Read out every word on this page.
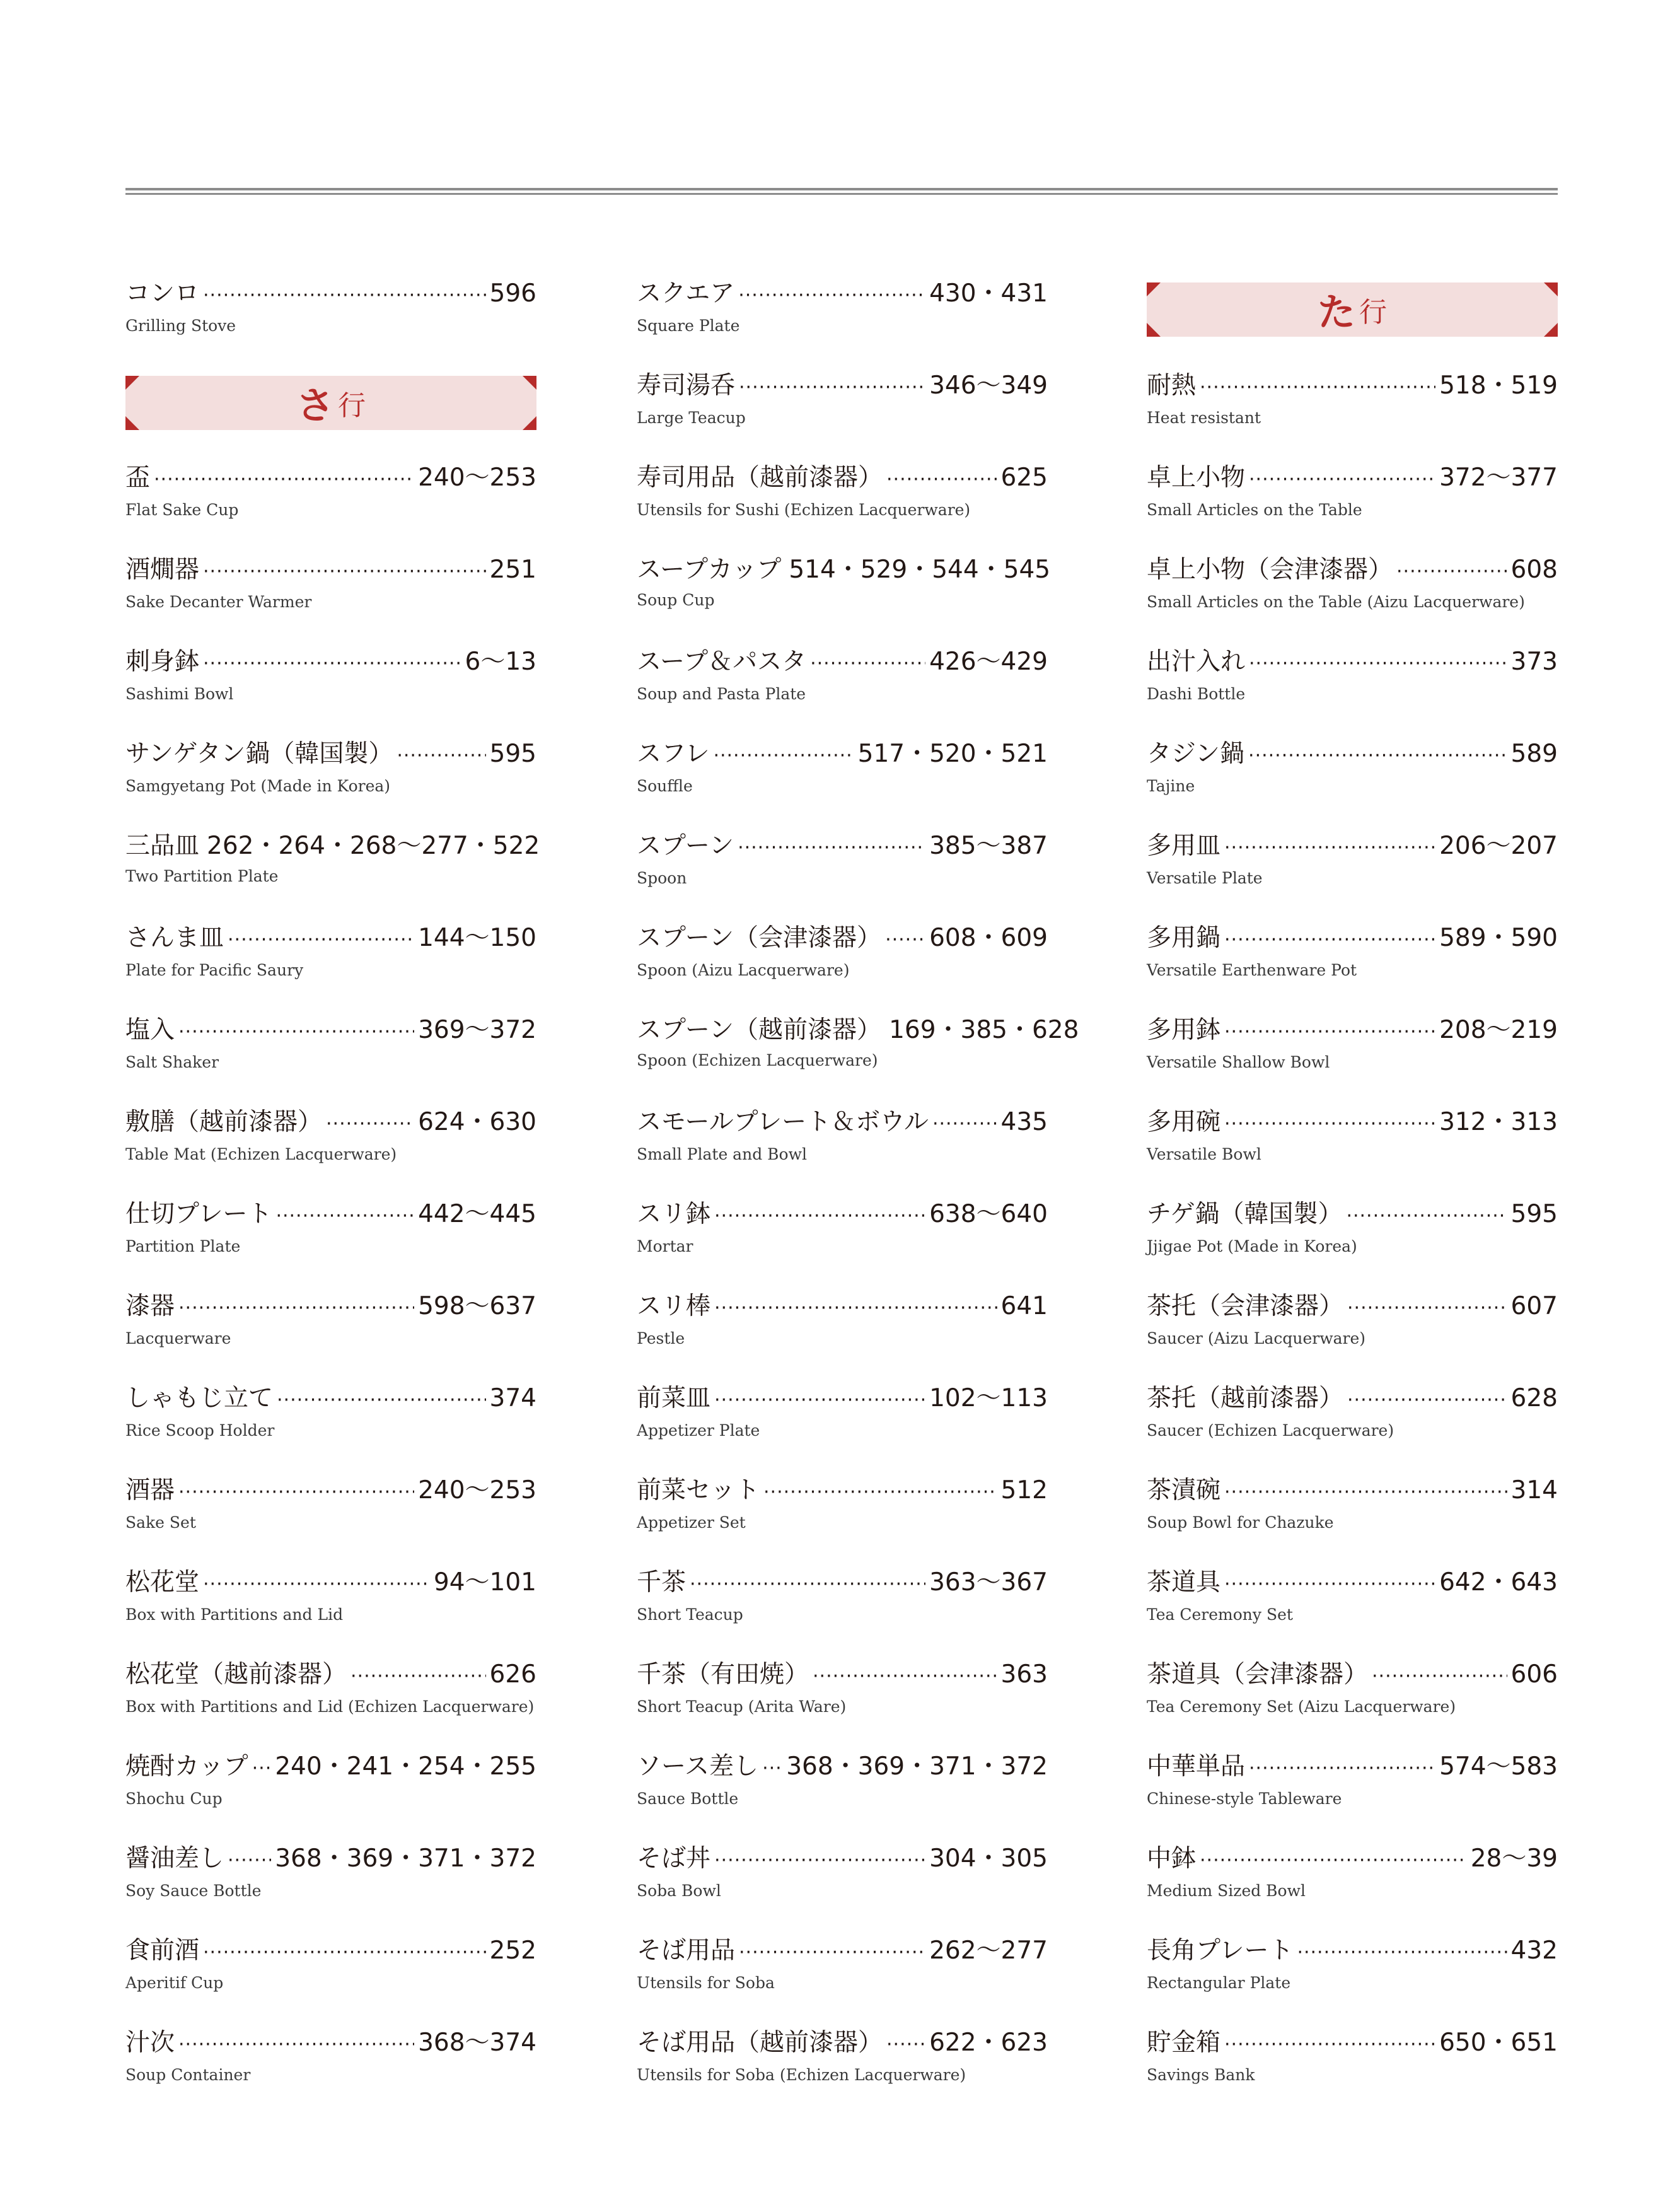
コンロ ·····	596
Grilling Stove
さ 行
盃 ·····	240～253
Flat Sake Cup
酒燗器 ·····	251
Sake Decanter Warmer
刺身鉢 ·····	6～13
Sashimi Bowl
サンゲタン鍋（韓国製） ·····	595
Samgyetang Pot (Made in Korea)
三品皿 262・264・268～277・522
Two Partition Plate
さんま皿 ·····	144～150
Plate for Pacific Saury
塩入 ·····	369～372
Salt Shaker
敷膳（越前漆器） ·····	624・630
Table Mat (Echizen Lacquerware)
仕切プレート ·····	442～445
Partition Plate
漆器 ·····	598～637
Lacquerware
しゃもじ立て ·····	374
Rice Scoop Holder
酒器 ·····	240～253
Sake Set
松花堂 ·····	94～101
Box with Partitions and Lid
松花堂（越前漆器） ·····	626
Box with Partitions and Lid (Echizen Lacquerware)
焼酎カップ ····· 240・241・254・255
Shochu Cup
醤油差し ····· 368・369・371・372
Soy Sauce Bottle
食前酒 ·····	252
Aperitif Cup
汁次 ·····	368～374
Soup Container
スクエア ·····	430・431
Square Plate
寿司湯呑 ·····	346～349
Large Teacup
寿司用品（越前漆器） ·····	625
Utensils for Sushi (Echizen Lacquerware)
スープカップ 514・529・544・545
Soup Cup
スープ＆パスタ ·····	426～429
Soup and Pasta Plate
スフレ ·····	517・520・521
Souffle
スプーン ·····	385～387
Spoon
スプーン（会津漆器） ····· 608・609
Spoon (Aizu Lacquerware)
スプーン（越前漆器） 169・385・628
Spoon (Echizen Lacquerware)
スモールプレート＆ボウル ·····	435
Small Plate and Bowl
スリ鉢 ·····	638～640
Mortar
スリ棒 ·····	641
Pestle
前菜皿 ·····	102～113
Appetizer Plate
前菜セット ·····	512
Appetizer Set
千茶 ·····	363～367
Short Teacup
千茶（有田焼） ·····	363
Short Teacup (Arita Ware)
ソース差し ····· 368・369・371・372
Sauce Bottle
そば丼 ·····	304・305
Soba Bowl
そば用品 ·····	262～277
Utensils for Soba
そば用品（越前漆器） ····· 622・623
Utensils for Soba (Echizen Lacquerware)
た 行
耐熱 ·····	518・519
Heat resistant
卓上小物 ·····	372～377
Small Articles on the Table
卓上小物（会津漆器） ·····	608
Small Articles on the Table (Aizu Lacquerware)
出汁入れ ·····	373
Dashi Bottle
タジン鍋 ·····	589
Tajine
多用皿 ·····	206～207
Versatile Plate
多用鍋 ·····	589・590
Versatile Earthenware Pot
多用鉢 ·····	208～219
Versatile Shallow Bowl
多用碗 ·····	312・313
Versatile Bowl
チゲ鍋（韓国製） ·····	595
Jjigae Pot (Made in Korea)
茶托（会津漆器） ·····	607
Saucer (Aizu Lacquerware)
茶托（越前漆器） ·····	628
Saucer (Echizen Lacquerware)
茶漬碗 ·····	314
Soup Bowl for Chazuke
茶道具 ·····	642・643
Tea Ceremony Set
茶道具（会津漆器） ·····	606
Tea Ceremony Set (Aizu Lacquerware)
中華単品 ·····	574～583
Chinese-style Tableware
中鉢 ·····	28～39
Medium Sized Bowl
長角プレート ·····	432
Rectangular Plate
貯金箱 ·····	650・651
Savings Bank
